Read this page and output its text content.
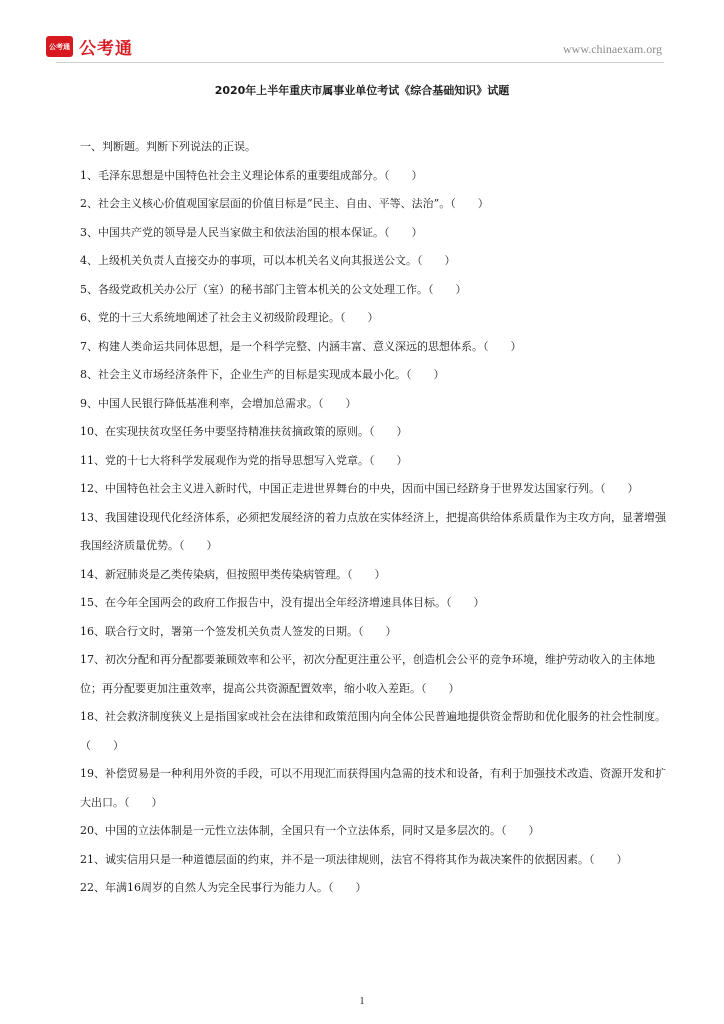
公考通 公考通	www.chinaexam.org
2020年上半年重庆市属事业单位考试《综合基础知识》试题
一、判断题。判断下列说法的正误。
1、毛泽东思想是中国特色社会主义理论体系的重要组成部分。（　　）
2、社会主义核心价值观国家层面的价值目标是“民主、自由、平等、法治”。（　　）
3、中国共产党的领导是人民当家做主和依法治国的根本保证。（　　）
4、上级机关负责人直接交办的事项，可以本机关名义向其报送公文。（　　）
5、各级党政机关办公厅（室）的秘书部门主管本机关的公文处理工作。（　　）
6、党的十三大系统地阐述了社会主义初级阶段理论。（　　）
7、构建人类命运共同体思想，是一个科学完整、内涵丰富、意义深远的思想体系。（　　）
8、社会主义市场经济条件下，企业生产的目标是实现成本最小化。（　　）
9、中国人民银行降低基准利率，会增加总需求。（　　）
10、在实现扶贫攻坚任务中要坚持精准扶贫摘政策的原则。（　　）
11、党的十七大将科学发展观作为党的指导思想写入党章。（　　）
12、中国特色社会主义进入新时代，中国正走进世界舞台的中央，因而中国已经跻身于世界发达国家行列。（　　）
13、我国建设现代化经济体系，必须把发展经济的着力点放在实体经济上，把提高供给体系质量作为主攻方向，显著增强我国经济质量优势。（　　）
14、新冠肺炎是乙类传染病，但按照甲类传染病管理。（　　）
15、在今年全国两会的政府工作报告中，没有提出全年经济增速具体目标。（　　）
16、联合行文时，署第一个签发机关负责人签发的日期。（　　）
17、初次分配和再分配都要兼顾效率和公平，初次分配更注重公平，创造机会公平的竞争环境，维护劳动收入的主体地位；再分配要更加注重效率，提高公共资源配置效率，缩小收入差距。（　　）
18、社会救济制度狭义上是指国家或社会在法律和政策范围内向全体公民普遍地提供资金帮助和优化服务的社会性制度。（　　）
19、补偿贸易是一种利用外资的手段，可以不用现汇而获得国内急需的技术和设备，有利于加强技术改造、资源开发和扩大出口。（　　）
20、中国的立法体制是一元性立法体制，全国只有一个立法体系，同时又是多层次的。（　　）
21、诚实信用只是一种道德层面的约束，并不是一项法律规则，法官不得将其作为裁决案件的依据因素。（　　）
22、年满16周岁的自然人为完全民事行为能力人。（　　）
1
